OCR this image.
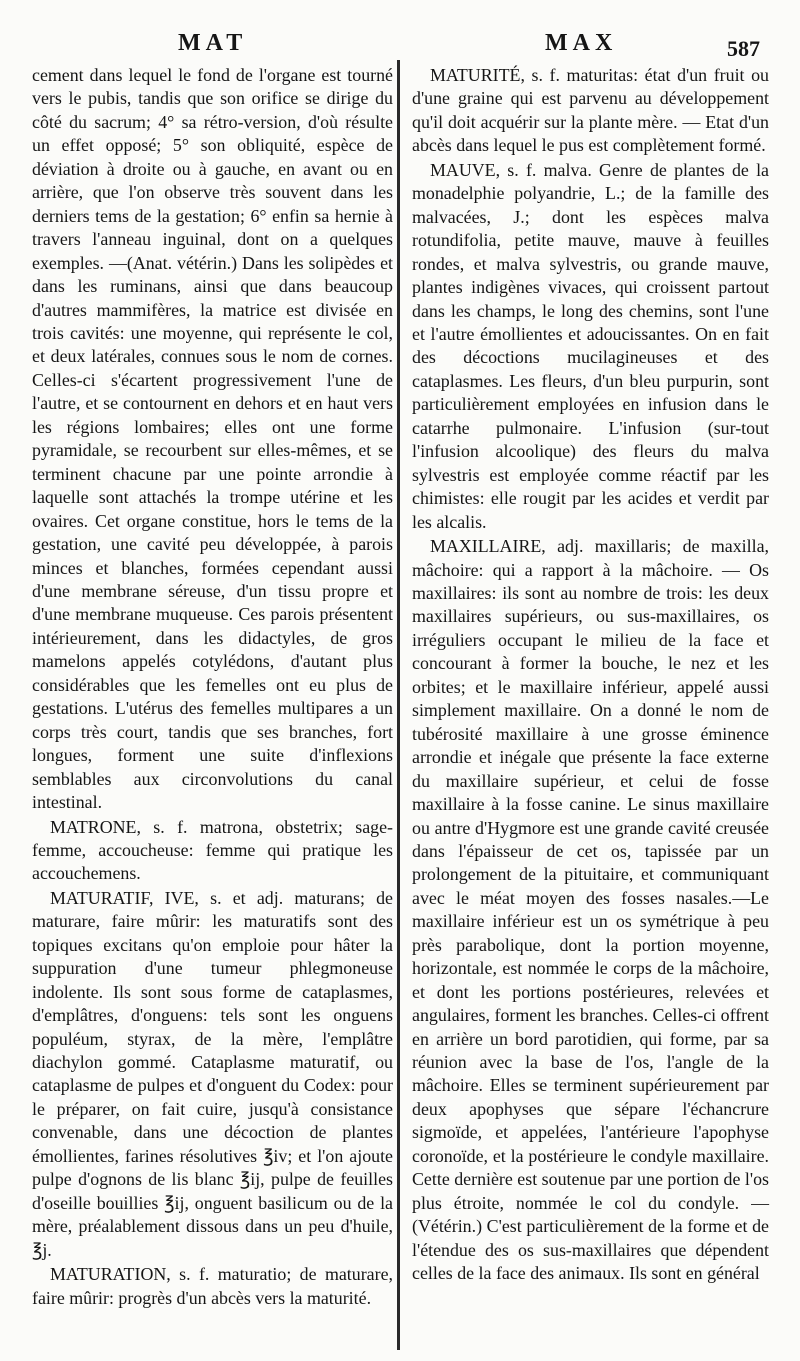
MAT	MAX	587

cement dans lequel le fond de l'organe est tourné vers le pubis, tandis que son orifice se dirige du côté du sacrum; 4° sa rétro-version, d'où résulte un effet opposé; 5° son obliquité, espèce de déviation à droite ou à gauche, en avant ou en arrière, que l'on observe très souvent dans les derniers tems de la gestation; 6° enfin sa hernie à travers l'anneau inguinal, dont on a quelques exemples. —(Anat. vétérin.) Dans les solipèdes et dans les ruminans, ainsi que dans beaucoup d'autres mammifères, la matrice est divisée en trois cavités: une moyenne, qui représente le col, et deux latérales, connues sous le nom de cornes. Celles-ci s'écartent progressivement l'une de l'autre, et se contournent en dehors et en haut vers les régions lombaires; elles ont une forme pyramidale, se recourbent sur elles-mêmes, et se terminent chacune par une pointe arrondie à laquelle sont attachés la trompe utérine et les ovaires. Cet organe constitue, hors le tems de la gestation, une cavité peu développée, à parois minces et blanches, formées cependant aussi d'une membrane séreuse, d'un tissu propre et d'une membrane muqueuse. Ces parois présentent intérieurement, dans les didactyles, de gros mamelons appelés cotylédons, d'autant plus considérables que les femelles ont eu plus de gestations. L'utérus des femelles multipares a un corps très court, tandis que ses branches, fort longues, forment une suite d'inflexions semblables aux circonvolutions du canal intestinal.

MATRONE, s. f. matrona, obstetrix; sage-femme, accoucheuse: femme qui pratique les accouchemens.

MATURATIF, IVE, s. et adj. maturans; de maturare, faire mûrir: les maturatifs sont des topiques excitans qu'on emploie pour hâter la suppuration d'une tumeur phlegmoneuse indolente. Ils sont sous forme de cataplasmes, d'emplâtres, d'onguens: tels sont les onguens populéum, styrax, de la mère, l'emplâtre diachylon gommé. Cataplasme maturatif, ou cataplasme de pulpes et d'onguent du Codex: pour le préparer, on fait cuire, jusqu'à consistance convenable, dans une décoction de plantes émollientes, farines résolutives ℥iv; et l'on ajoute pulpe d'ognons de lis blanc ℥ij, pulpe de feuilles d'oseille bouillies ℥ij, onguent basilicum ou de la mère, préalablement dissous dans un peu d'huile, ℥j.

MATURATION, s. f. maturatio; de maturare, faire mûrir: progrès d'un abcès vers la maturité.

MATURITÉ, s. f. maturitas: état d'un fruit ou d'une graine qui est parvenu au développement qu'il doit acquérir sur la plante mère. — Etat d'un abcès dans lequel le pus est complètement formé.

MAUVE, s. f. malva. Genre de plantes de la monadelphie polyandrie, L.; de la famille des malvacées, J.; dont les espèces malva rotundifolia, petite mauve, mauve à feuilles rondes, et malva sylvestris, ou grande mauve, plantes indigènes vivaces, qui croissent partout dans les champs, le long des chemins, sont l'une et l'autre émollientes et adoucissantes. On en fait des décoctions mucilagineuses et des cataplasmes. Les fleurs, d'un bleu purpurin, sont particulièrement employées en infusion dans le catarrhe pulmonaire. L'infusion (sur-tout l'infusion alcoolique) des fleurs du malva sylvestris est employée comme réactif par les chimistes: elle rougit par les acides et verdit par les alcalis.

MAXILLAIRE, adj. maxillaris; de maxilla, mâchoire: qui a rapport à la mâchoire. — Os maxillaires: ils sont au nombre de trois: les deux maxillaires supérieurs, ou sus-maxillaires, os irréguliers occupant le milieu de la face et concourant à former la bouche, le nez et les orbites; et le maxillaire inférieur, appelé aussi simplement maxillaire. On a donné le nom de tubérosité maxillaire à une grosse éminence arrondie et inégale que présente la face externe du maxillaire supérieur, et celui de fosse maxillaire à la fosse canine. Le sinus maxillaire ou antre d'Hygmore est une grande cavité creusée dans l'épaisseur de cet os, tapissée par un prolongement de la pituitaire, et communiquant avec le méat moyen des fosses nasales.—Le maxillaire inférieur est un os symétrique à peu près parabolique, dont la portion moyenne, horizontale, est nommée le corps de la mâchoire, et dont les portions postérieures, relevées et angulaires, forment les branches. Celles-ci offrent en arrière un bord parotidien, qui forme, par sa réunion avec la base de l'os, l'angle de la mâchoire. Elles se terminent supérieurement par deux apophyses que sépare l'échancrure sigmoïde, et appelées, l'antérieure l'apophyse coronoïde, et la postérieure le condyle maxillaire. Cette dernière est soutenue par une portion de l'os plus étroite, nommée le col du condyle. — (Vétérin.) C'est particulièrement de la forme et de l'étendue des os sus-maxillaires que dépendent celles de la face des animaux. Ils sont en général
